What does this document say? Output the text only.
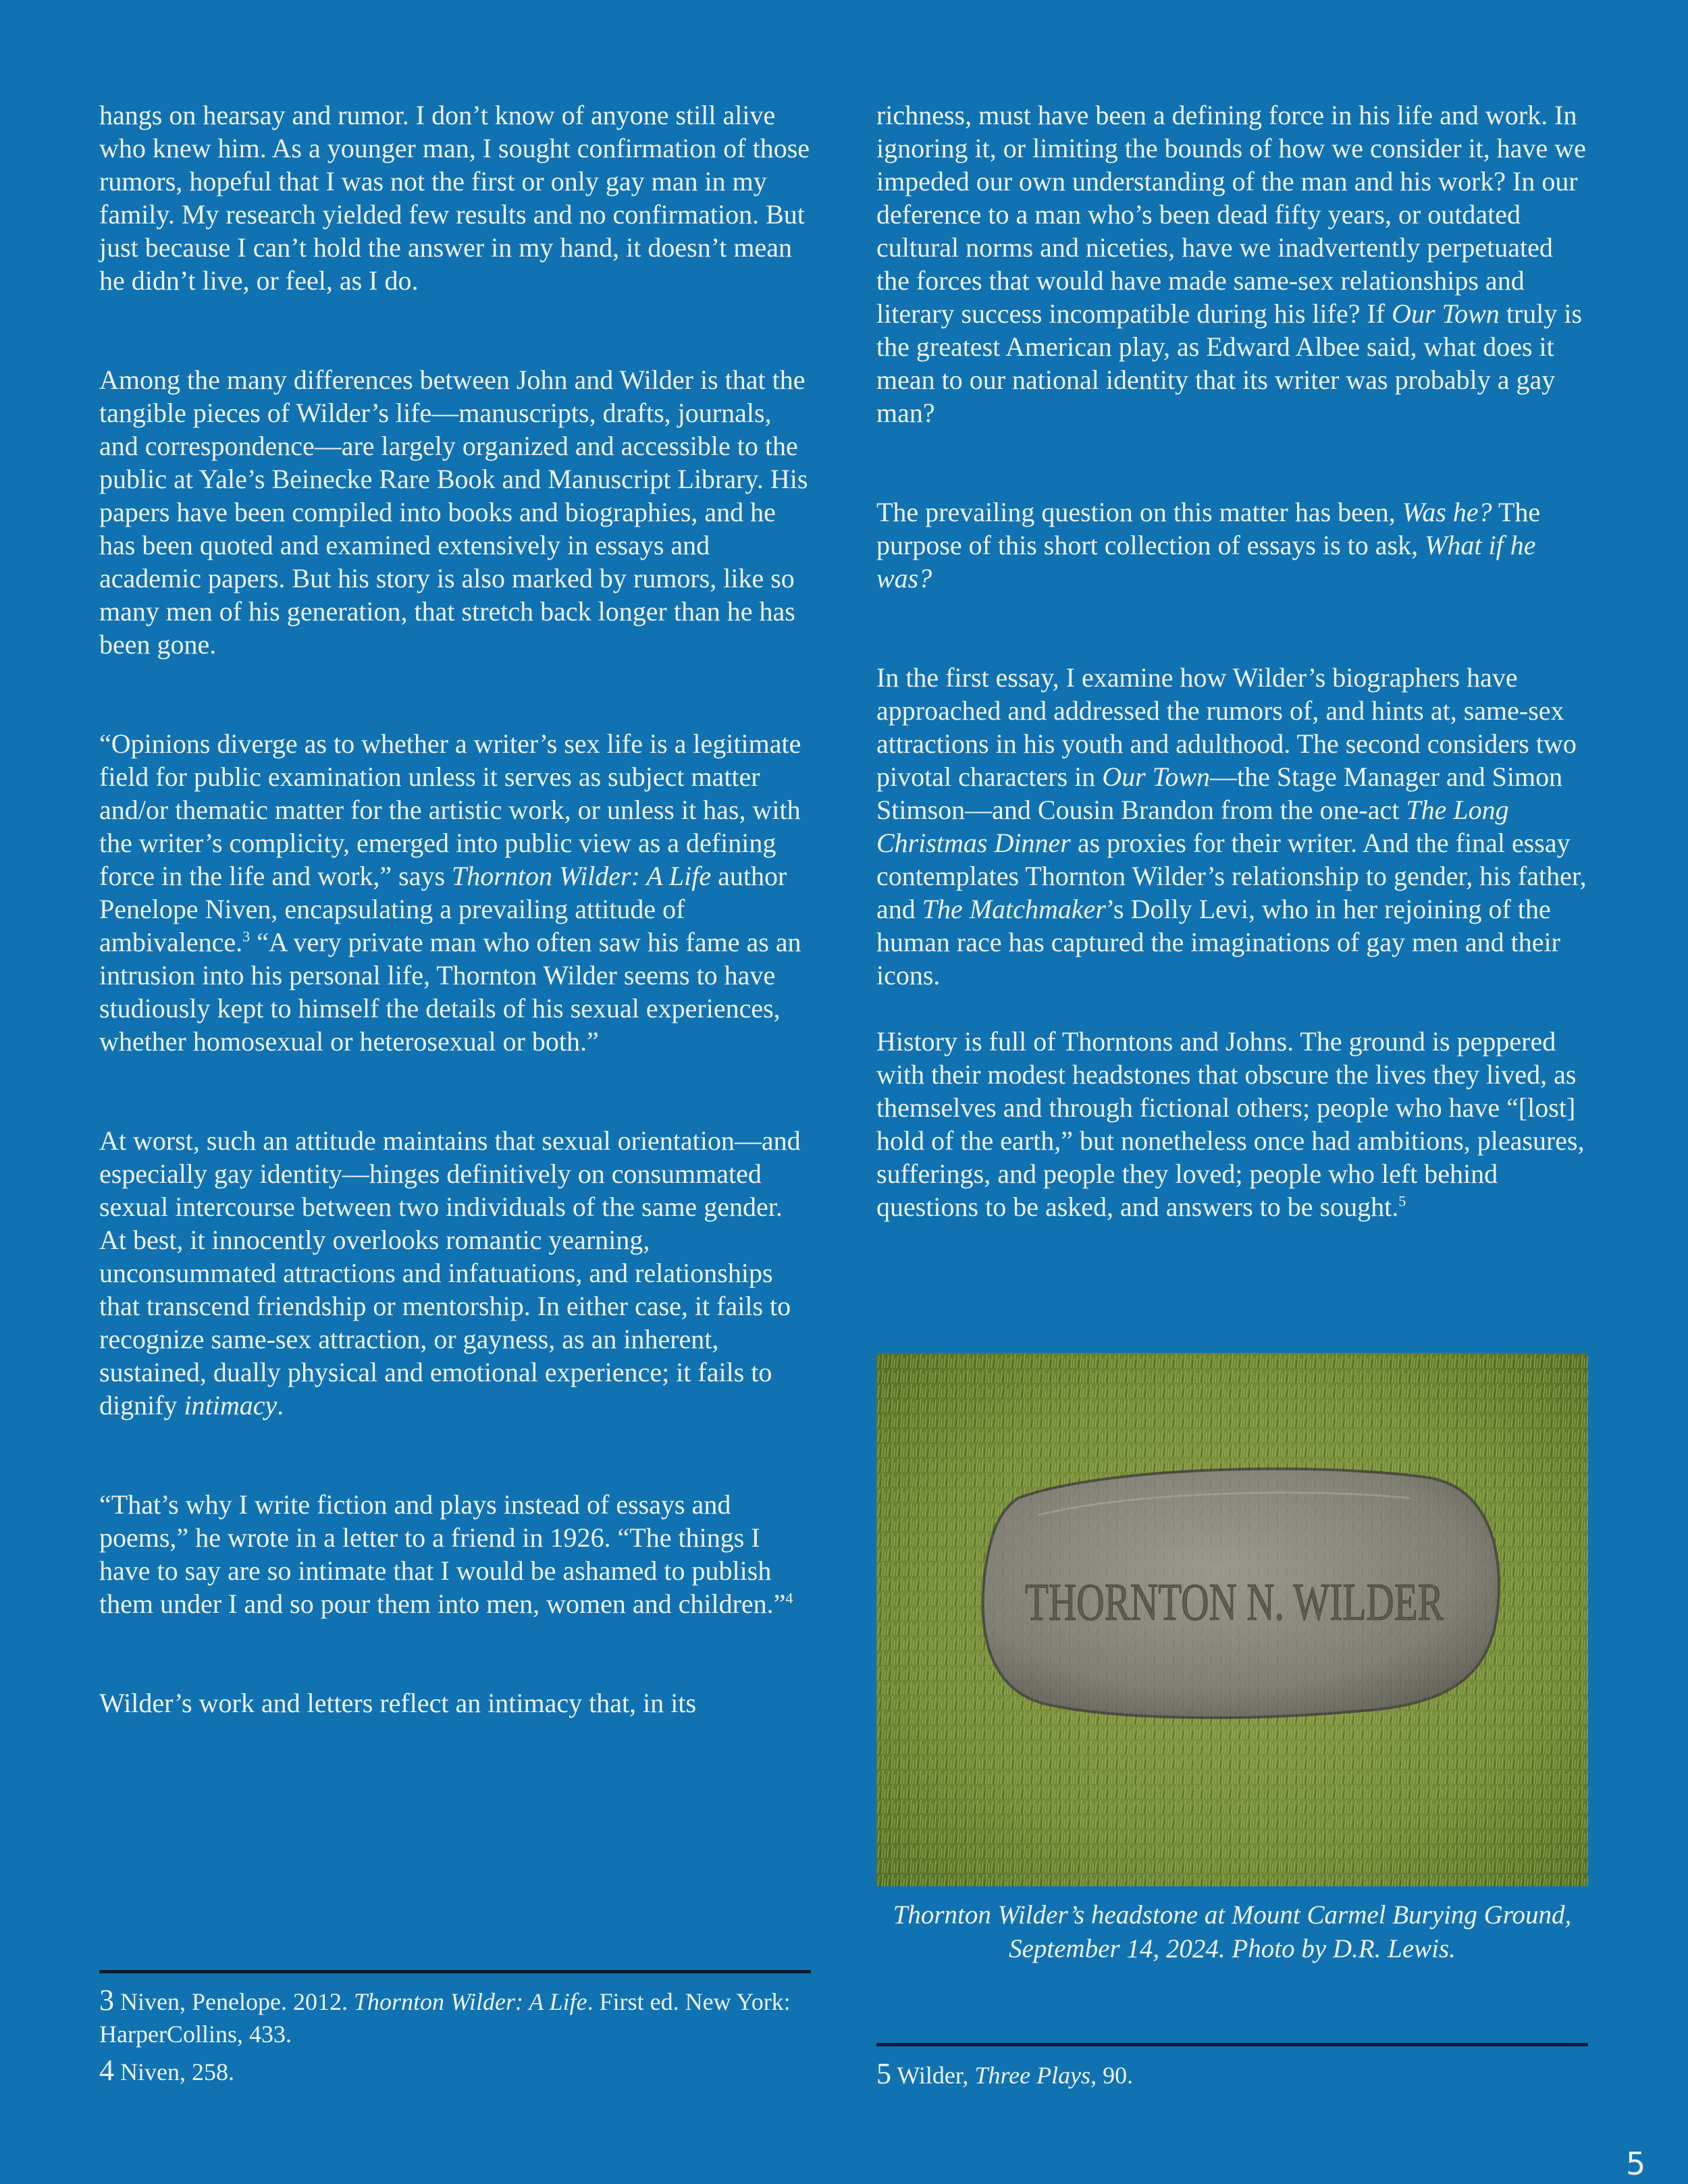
hangs on hearsay and rumor. I don’t know of anyone still alive who knew him. As a younger man, I sought confirmation of those rumors, hopeful that I was not the first or only gay man in my family. My research yielded few results and no confirmation. But just because I can’t hold the answer in my hand, it doesn’t mean he didn’t live, or feel, as I do.

Among the many differences between John and Wilder is that the tangible pieces of Wilder’s life—manuscripts, drafts, journals, and correspondence—are largely organized and accessible to the public at Yale’s Beinecke Rare Book and Manuscript Library. His papers have been compiled into books and biographies, and he has been quoted and examined extensively in essays and academic papers. But his story is also marked by rumors, like so many men of his generation, that stretch back longer than he has been gone.

“Opinions diverge as to whether a writer’s sex life is a legitimate field for public examination unless it serves as subject matter and/or thematic matter for the artistic work, or unless it has, with the writer’s complicity, emerged into public view as a defining force in the life and work,” says Thornton Wilder: A Life author Penelope Niven, encapsulating a prevailing attitude of ambivalence.$^3$ “A very private man who often saw his fame as an intrusion into his personal life, Thornton Wilder seems to have studiously kept to himself the details of his sexual experiences, whether homosexual or heterosexual or both.”

At worst, such an attitude maintains that sexual orientation—and especially gay identity—hinges definitively on consummated sexual intercourse between two individuals of the same gender. At best, it innocently overlooks romantic yearning, unconsummated attractions and infatuations, and relationships that transcend friendship or mentorship. In either case, it fails to recognize same-sex attraction, or gayness, as an inherent, sustained, dually physical and emotional experience; it fails to dignify intimacy.

“That’s why I write fiction and plays instead of essays and poems,” he wrote in a letter to a friend in 1926. “The things I have to say are so intimate that I would be ashamed to publish them under I and so pour them into men, women and children.”$^4$

Wilder’s work and letters reflect an intimacy that, in its

3 Niven, Penelope. 2012. Thornton Wilder: A Life. First ed. New York: HarperCollins, 433.

4 Niven, 258.

richness, must have been a defining force in his life and work. In ignoring it, or limiting the bounds of how we consider it, have we impeded our own understanding of the man and his work? In our deference to a man who’s been dead fifty years, or outdated cultural norms and niceties, have we inadvertently perpetuated the forces that would have made same-sex relationships and literary success incompatible during his life? If Our Town truly is the greatest American play, as Edward Albee said, what does it mean to our national identity that its writer was probably a gay man?

The prevailing question on this matter has been, Was he? The purpose of this short collection of essays is to ask, What if he was?

In the first essay, I examine how Wilder’s biographers have approached and addressed the rumors of, and hints at, same-sex attractions in his youth and adulthood. The second considers two pivotal characters in Our Town—the Stage Manager and Simon Stimson—and Cousin Brandon from the one-act The Long Christmas Dinner as proxies for their writer. And the final essay contemplates Thornton Wilder’s relationship to gender, his father, and The Matchmaker’s Dolly Levi, who in her rejoining of the human race has captured the imaginations of gay men and their icons.

History is full of Thorntons and Johns. The ground is peppered with their modest headstones that obscure the lives they lived, as themselves and through fictional others; people who have “[lost] hold of the earth,” but nonetheless once had ambitions, pleasures, sufferings, and people they loved; people who left behind questions to be asked, and answers to be sought.$^5$

THORNTON N. WILDER
Thornton Wilder’s headstone at Mount Carmel Burying Ground,
September 14, 2024. Photo by D.R. Lewis.

5 Wilder, Three Plays, 90.

5
